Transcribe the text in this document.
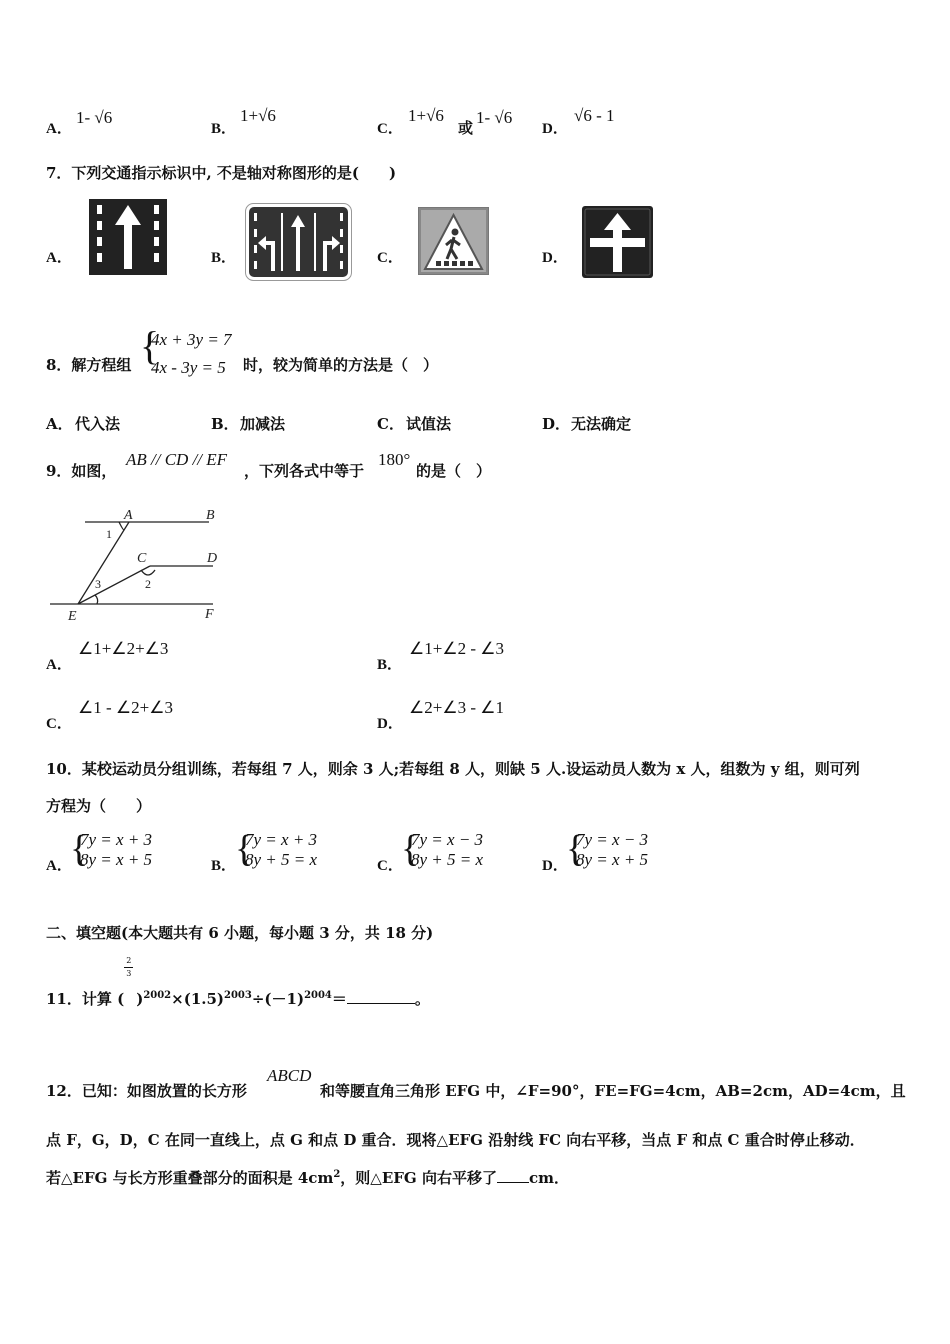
A．
1- √6
B．
1+√6
C．
1+√6
或
1- √6
D．
√6 - 1
7．下列交通指示标识中, 不是轴对称图形的是(　　)
A．	B．	C．	D．
8．解方程组 {
4x + 3y = 7
4x - 3y = 5	时，较为简单的方法是（　）
A． 代入法	B． 加减法	C． 试值法	D． 无法确定
9．如图，
AB // CD // EF
，下列各式中等于
180°
的是（　）
A	B
C	D
E	F
1
2
3
A．
∠1+∠2+∠3
B．
∠1+∠2 - ∠3
C．
∠1 - ∠2+∠3
D．
∠2+∠3 - ∠1
10．某校运动员分组训练，若每组 7 人，则余 3 人;若每组 8 人，则缺 5 人.设运动员人数为 x 人，组数为 y 组，则可列
方程为（　　）
A．
{
7y = x + 3
8y = x + 5	B．
{
7y = x + 3
8y + 5 = x	C．
{
7y = x − 3
8y + 5 = x	D．
{
7y = x − 3
8y = x + 5
二、填空题(本大题共有 6 小题，每小题 3 分，共 18 分)
11．计算 ( $\frac{2}{3} )^{2002}\times(1.5)^{2003}\div(-1)^{2004}=$	。
12．已知：如图放置的长方形
ABCD
和等腰直角三角形 EFG 中，∠F=90°，FE=FG=4cm，AB=2cm，AD=4cm，且
点 F，G，D，C 在同一直线上，点 G 和点 D 重合．现将△EFG 沿射线 FC 向右平移，当点 F 和点 C 重合时停止移动．
若△EFG 与长方形重叠部分的面积是 $4cm^2$，则△EFG 向右平移了 cm．
